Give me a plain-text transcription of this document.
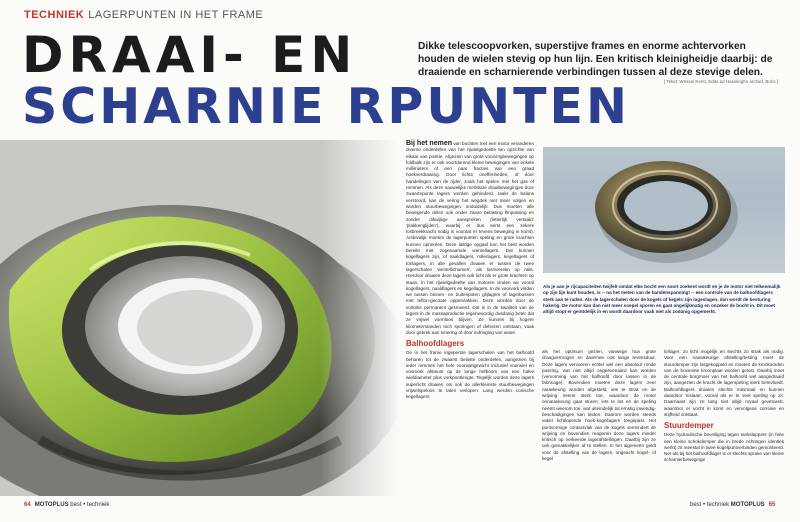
TECHNIEK LAGERPUNTEN IN HET FRAME
DRAAI- EN
SCHARNIE RPUNTEN
Dikke telescoopvorken, superstijve frames en enorme achtervorken houden de wielen stevig op hun lijn. Een kritisch kleinigheidje daarbij: de draaiende en scharnierende verbindingen tussen al deze stevige delen.
[ Tekst: Wessel Kerst, Edits ad Haselinghs archief, Boris ]

Bij het nemen van bochten met een motor veranderen diverse onderdelen van het rijwielgedeelte ten opzichte van elkaar van positie. Afgezien van grote voorvingbewegingen op foldbalk zijn er ook voortdurend kleine bewegingen van enkele millimeters of een paar fracties van een graad hoekverdraaiing. Door lichte oneffenheden, of door handelingen van de rijder, zoals het spelen met het gas of remmen. Als deze nauwelijks merkbare draaibewegingen door zwaartepunte lagers worden gehinderd, raakt de balans verstoord, kan de vering het wegdek niet meer volgen en worden stuurbewegingen onduidelijk. Dus moeten alle bewegende delen ook onder zware belasting flinpassing en zonder dikwijlige aanspreken (letterlijk vertaald: 'plakkenglijden'), waarbij er dus eerst een zekere losbreekkracht nodig is voordat er tevens beweging in komt). Ambivalijk moeten de lagerpunten speling en grote krachten kunnen opnemen. Deze lastige opgaaf kan het best worden bereikt met zogenaamde wentellagers. Dat kunnen kogellagers zijn, of naaldlagers, rollerlagers, kegellagers of tonlagers, in alle gevallen draaien er tussen de twee lagerschalen 'wentellichamen', als losrivierekn op rails. Hierdoor draaien deze lagers ook licht als er grote krachten op staan, in het rijwielgedeelte van motoren vinden we vooral kogellagers, naaldlagers en kegellagers. In de voorvork vinden we tussen binnen- en buitenpoten glijlagers of lagerbussen met teflon-gecoate oppervlakken. Deze worden door de vorkolie permanent gesmeerd. Dat is in de kwaliteit van de lagers in de massaproductie tegenwoordig dusdanig beter dat ze vrijwel vormloos blijven. Ze kunnen bij hogere kilometerstanden toch sporingen of defecten ontstaan, vaak door gebrek aan smering of door indringing van water.

Balhoofdlagers

De in het frame ingeperste lagerschalen van het balhoofd behoren tot de zwaarst belaste onderdelen, aangezien bij ieder remmen het hele voorwielgewicht inclusief voorwiel en voorvork afsteunt op de lange hefboom van een halve wieldiameter plus vorkpootlengte. Tegelijk worden deze lagers superlicht draaien om ook de allerkleinste stuurbewegingen vrijwelspeloos te laten verlopen. Lang werden conische kegellagers

als het optimum gezien, vanwege hun grote draagvermogen en daarmee ook lange levensduur. Deze lagers vervoeren echter wel een absoluut ronde passing, wat niet altijd ongeëvenaard kan worden (vervorming van het balhoofd door lassen in de fabricage). Bovendien moeten deze lagers zeer nauwkeurig worden afgesteld, iets te strak en de wrijving neemt sterk toe, waardoor de motor onnauwkeurig gaat sturen; iets te los en de speling neemt weerom toe, wat uiteindelijk tot ernstig inwendig-beschadigingen kan leiden. Daarom worden steeds vaker lichtlopende hoek-kogellagers toegepast. Het puntvormige contactvlak van de kogels vermindert de wrijving en bovendien reageren deze lagers minder kritisch op verkeerde lagerafstellingen. Daarbij zijn ze ook gemakkelijker af te stellen. In het algemeen geldt voor de afstelling van de lagers, ongeacht kogel- of kegel

lorlager: zo licht mogelijk en slechts zo strak als nodig. Voor een nauwkeurige afstelling/testing moet de stuurdemper zijn losgekoppeld en moeten de kronkoorden van de bovenste kroonplaat worden gelost. Daarbij moet de centrale borgmoer van het balhoofd wel aangedraaid zijn, aangezien de kracht de lagerspeling sterk beïnvloedt. Balhoofdlagers draaien slechts minimaal en kunnen daardoor 'inslaan', vooral als er te veel speling op zit. Daarnaast zijn ze lang niet altijd royaal gevetvarst, waardoor er vocht in komt en vervolgens corrosie en stijfheid ontstaat.

Stuurdemper

Deze hydraulische beveiliging tegen tankslappers (in feite een kleine schokdemper die in brede richtingen identiek werkt) zit meestal in twee kogelpuntverbinden gemonteerd. Net als bij het balhoofdlager is er slechts sprake van kleine scharnierbeweginge

Als je aan je rijcapaciteiten twijfelt omdat elke bocht een soort zoekent wordt en je de motor niet telkenmalijk op zijn lijn kunt houden, is -- na het meten van de bandenspanning! -- een controle van de balhoofdlagers sterk aan te raden. Als de lagerschalen door de kogels of kegels zijn ingeslagen, dan wordt de besturing hakerig. De motor kan dan niet meer soepel sporen en gaat ongelijkmatig en onzeker de bocht in. Dit moet altijd stopt er geintdelijk in en wordt daardoor vaak niet als zodanig opgemerkt.
64 MOTOPLUS best • techniek	best • techniek MOTOPLUS 65
